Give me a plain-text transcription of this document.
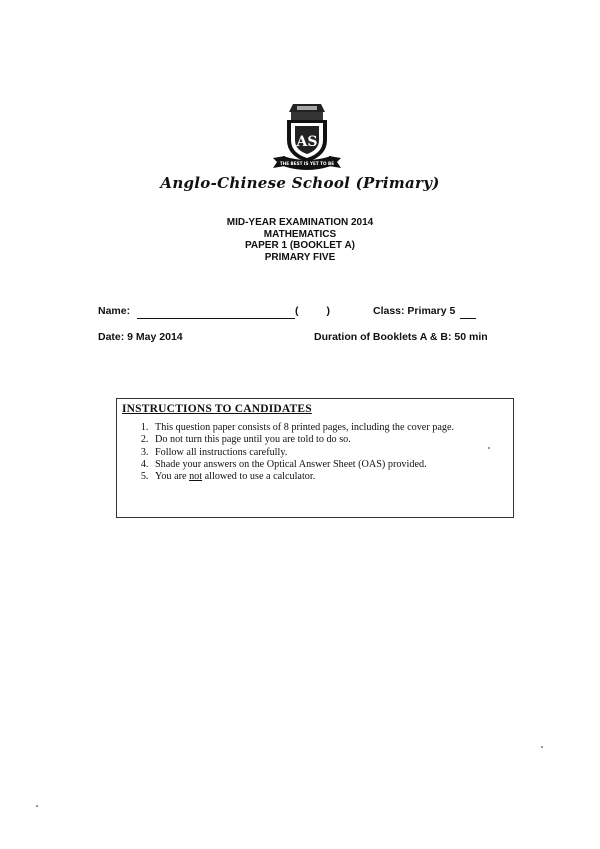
AS
THE BEST IS YET TO BE
Anglo-Chinese School (Primary)
MID-YEAR EXAMINATION 2014
MATHEMATICS
PAPER 1 (BOOKLET A)
PRIMARY FIVE
Name:	(	)	Class: Primary 5
Date: 9 May 2014	Duration of Booklets A & B: 50 min
INSTRUCTIONS TO CANDIDATES
1. This question paper consists of 8 printed pages, including the cover page.
2. Do not turn this page until you are told to do so.
3. Follow all instructions carefully.
4. Shade your answers on the Optical Answer Sheet (OAS) provided.
5. You are not allowed to use a calculator.
